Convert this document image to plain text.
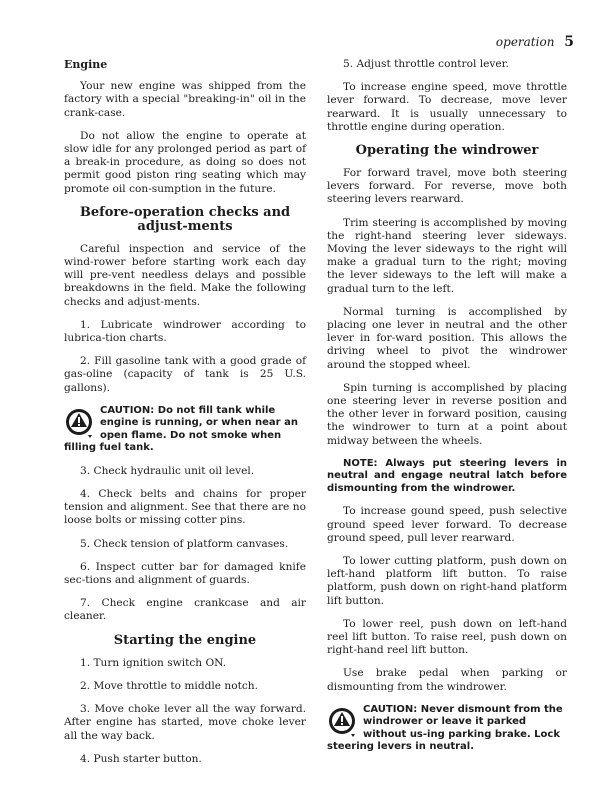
operation 5
Engine

Your new engine was shipped from the factory with a special "breaking-in" oil in the crank-case.

Do not allow the engine to operate at slow idle for any prolonged period as part of a break-in procedure, as doing so does not permit good piston ring seating which may promote oil con-sumption in the future.

Before-operation checks and adjust-ments

Careful inspection and service of the wind-rower before starting work each day will pre-vent needless delays and possible breakdowns in the field. Make the following checks and adjust-ments.

1. Lubricate windrower according to lubrica-tion charts.

2. Fill gasoline tank with a good grade of gas-oline (capacity of tank is 25 U.S. gallons).

CAUTION: Do not fill tank while engine is running, or when near an open flame. Do not smoke when filling fuel tank.

3. Check hydraulic unit oil level.

4. Check belts and chains for proper tension and alignment. See that there are no loose bolts or missing cotter pins.

5. Check tension of platform canvases.

6. Inspect cutter bar for damaged knife sec-tions and alignment of guards.

7. Check engine crankcase and air cleaner.

Starting the engine

1. Turn ignition switch ON.

2. Move throttle to middle notch.

3. Move choke lever all the way forward. After engine has started, move choke lever all the way back.

4. Push starter button.

5. Adjust throttle control lever.

To increase engine speed, move throttle lever forward. To decrease, move lever rearward. It is usually unnecessary to throttle engine during operation.

Operating the windrower

For forward travel, move both steering levers forward. For reverse, move both steering levers rearward.

Trim steering is accomplished by moving the right-hand steering lever sideways. Moving the lever sideways to the right will make a gradual turn to the right; moving the lever sideways to the left will make a gradual turn to the left.

Normal turning is accomplished by placing one lever in neutral and the other lever in for-ward position. This allows the driving wheel to pivot the windrower around the stopped wheel.

Spin turning is accomplished by placing one steering lever in reverse position and the other lever in forward position, causing the windrower to turn at a point about midway between the wheels.

NOTE: Always put steering levers in neutral and engage neutral latch before dismounting from the windrower.

To increase gound speed, push selective ground speed lever forward. To decrease ground speed, pull lever rearward.

To lower cutting platform, push down on left-hand platform lift button. To raise platform, push down on right-hand platform lift button.

To lower reel, push down on left-hand reel lift button. To raise reel, push down on right-hand reel lift button.

Use brake pedal when parking or dismounting from the windrower.

CAUTION: Never dismount from the windrower or leave it parked without us-ing parking brake. Lock steering levers in neutral.
